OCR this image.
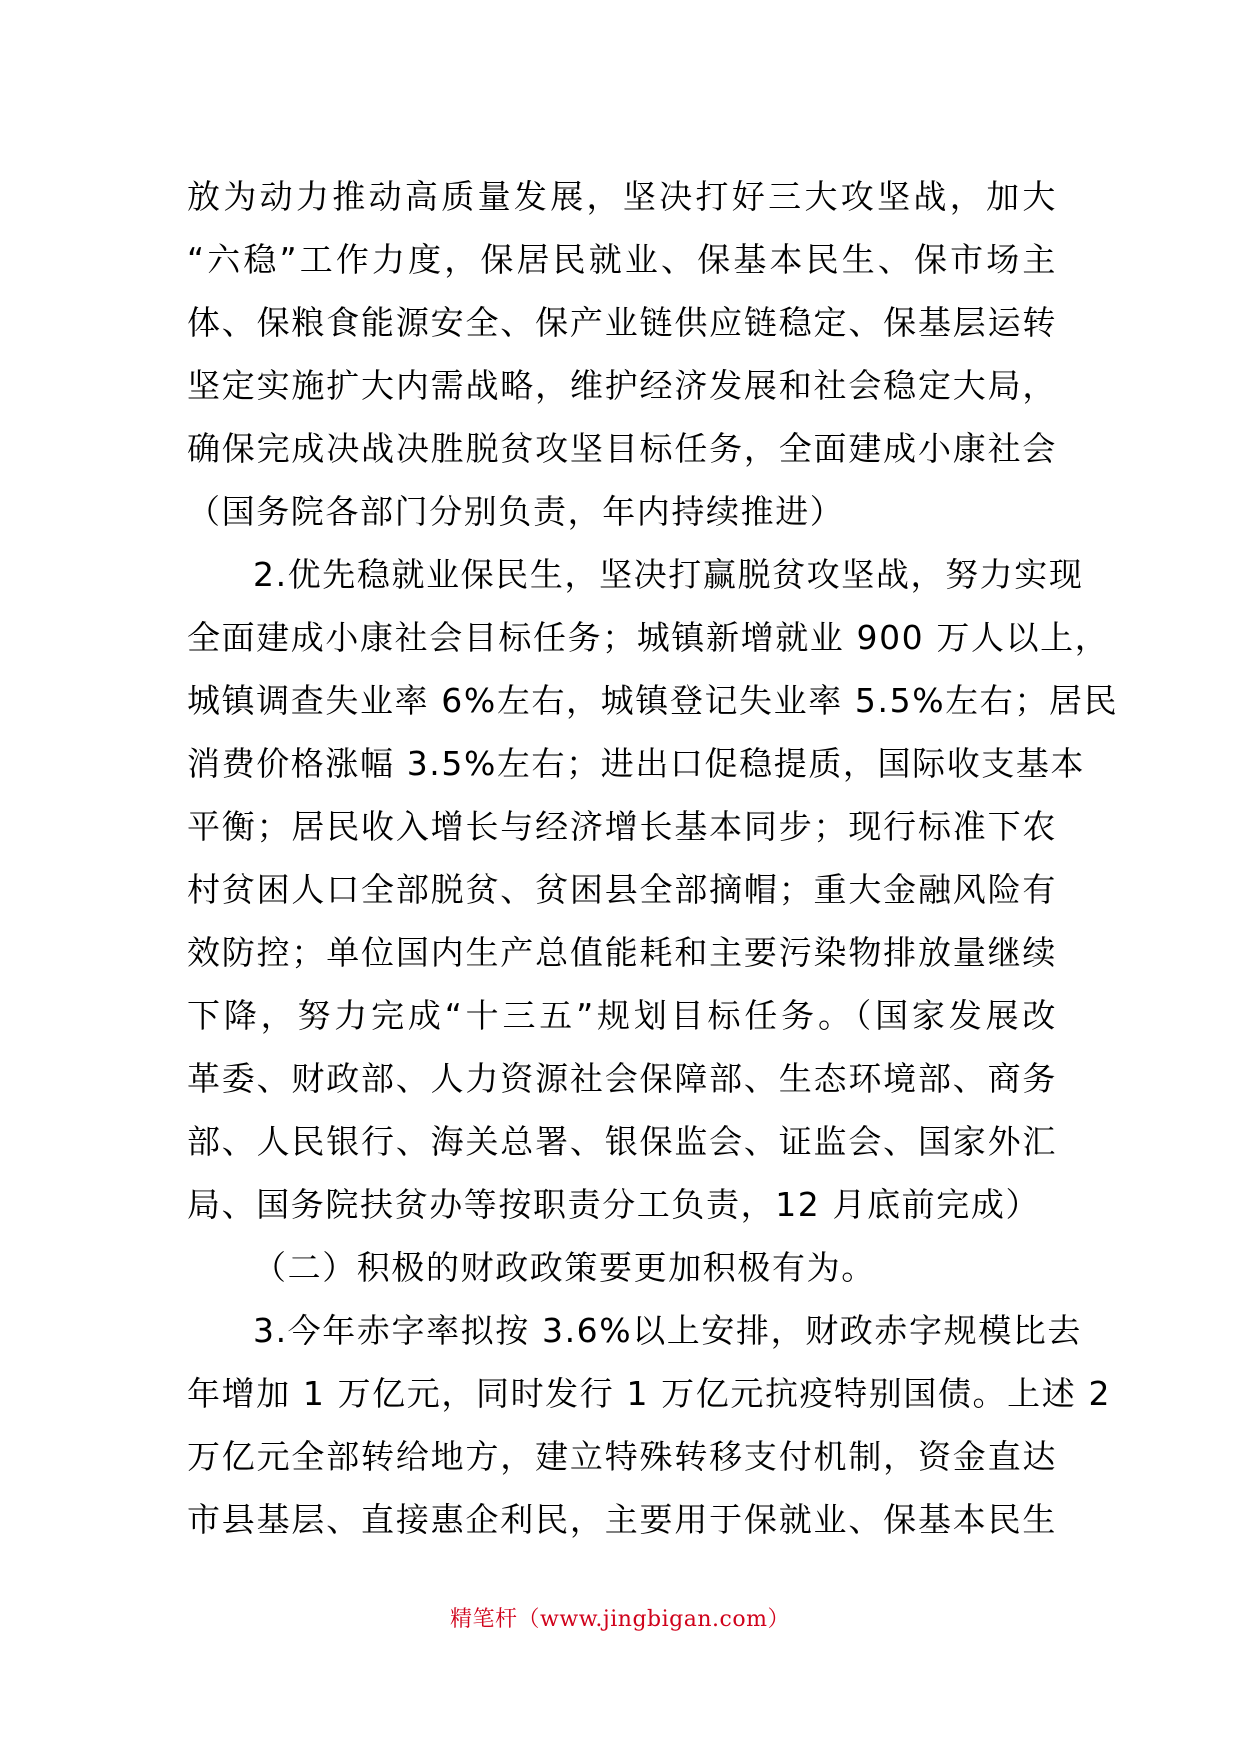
放为动力推动高质量发展，坚决打好三大攻坚战，加大
“六稳”工作力度，保居民就业、保基本民生、保市场主
体、保粮食能源安全、保产业链供应链稳定、保基层运转
坚定实施扩大内需战略，维护经济发展和社会稳定大局，
确保完成决战决胜脱贫攻坚目标任务，全面建成小康社会
（国务院各部门分别负责，年内持续推进）
2.优先稳就业保民生，坚决打赢脱贫攻坚战，努力实现
全面建成小康社会目标任务；城镇新增就业 900 万人以上，
城镇调查失业率 6%左右，城镇登记失业率 5.5%左右；居民
消费价格涨幅 3.5%左右；进出口促稳提质，国际收支基本
平衡；居民收入增长与经济增长基本同步；现行标准下农
村贫困人口全部脱贫、贫困县全部摘帽；重大金融风险有
效防控；单位国内生产总值能耗和主要污染物排放量继续
下降，努力完成“十三五”规划目标任务。（国家发展改
革委、财政部、人力资源社会保障部、生态环境部、商务
部、人民银行、海关总署、银保监会、证监会、国家外汇
局、国务院扶贫办等按职责分工负责，12 月底前完成）
（二）积极的财政政策要更加积极有为。
3.今年赤字率拟按 3.6%以上安排，财政赤字规模比去
年增加 1 万亿元，同时发行 1 万亿元抗疫特别国债。上述 2
万亿元全部转给地方，建立特殊转移支付机制，资金直达
市县基层、直接惠企利民，主要用于保就业、保基本民生
精笔杆（www.jingbigan.com）
